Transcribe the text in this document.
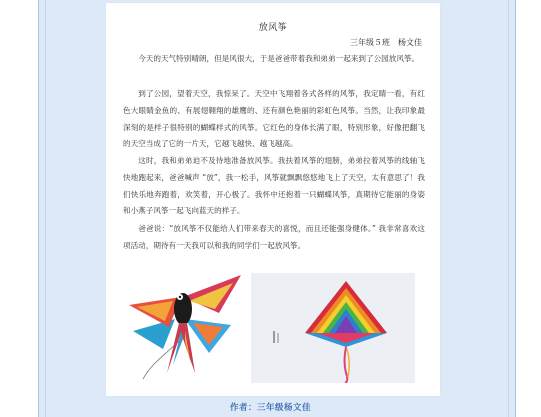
放风筝
三年级５班　杨文佳

今天的天气特别晴朗，但是风很大，于是爸爸带着我和弟弟一起来到了公园放风筝。

到了公园，望着天空，我惊呆了。天空中飞翔着各式各样的风筝，我定睛一看，有红色大眼睛金鱼的、有展翅翱翔的雄鹰的、还有颜色艳丽的彩虹色风筝。当然，让我印象最深刻的是样子很特别的蝴蝶样式的风筝。它红色的身体长满了眼，特别形象，好像把翻飞的天空当成了它的一片天，它越飞越快、越飞越高。

这时，我和弟弟迫不及待地准备放风筝。我扶着风筝的翅膀，弟弟拉着风筝的线轴飞快地跑起来，爸爸喊声 “放”，我一松手，风筝就飘飘悠悠地飞上了天空，太有意思了！我们快乐地奔跑着，欢笑着，开心极了。我怀中还抱着一只蝴蝶风筝，真期待它能丽的身姿和小燕子风筝一起飞向蓝天的样子。

爸爸说：“放风筝不仅能给人们带来春天的喜悦，而且还能强身健体。” 我非常喜欢这项活动，期待有一天我可以和我的同学们一起放风筝。

作者：三年级杨文佳
